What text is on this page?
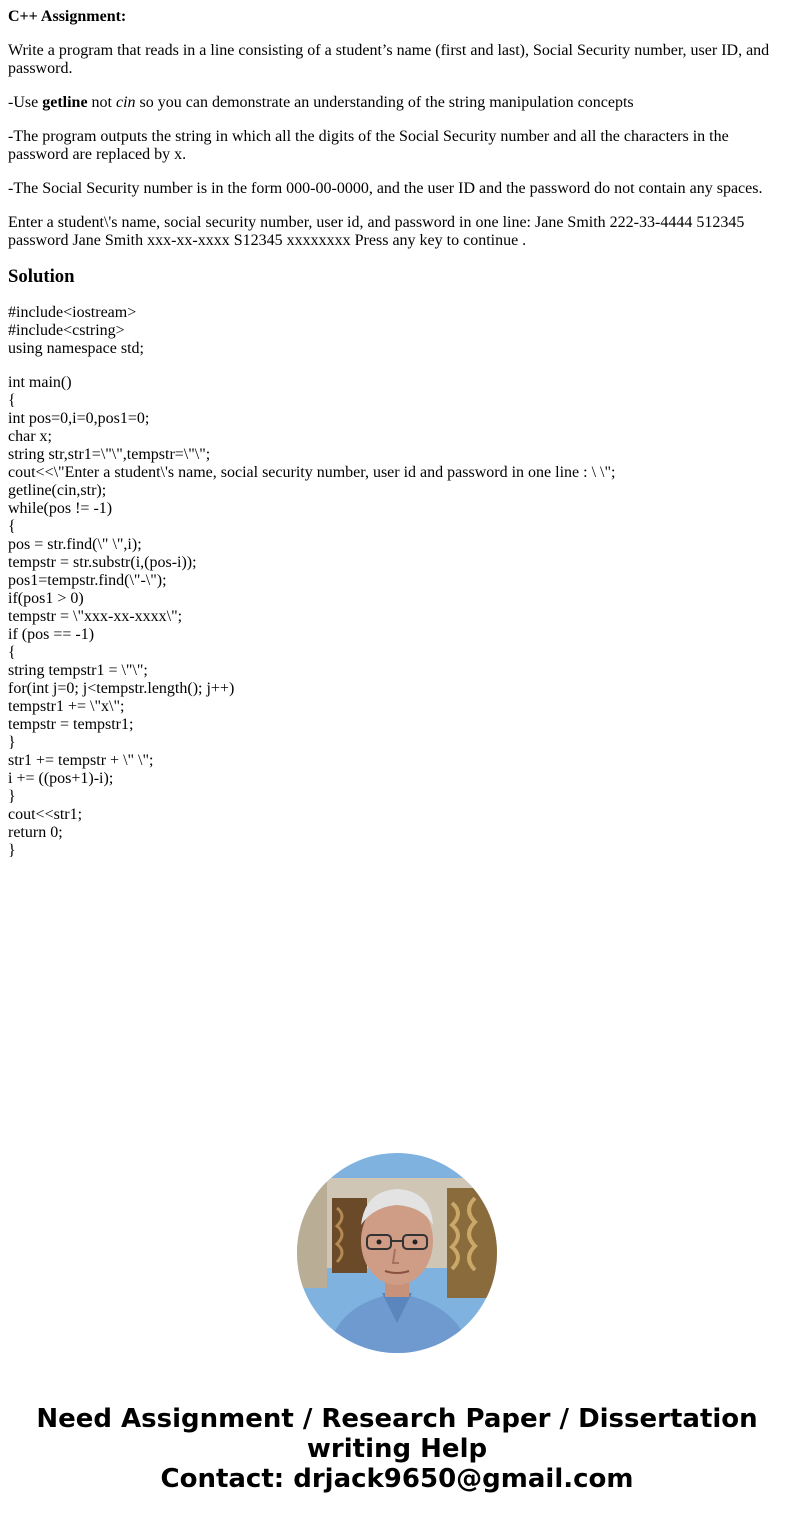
C++ Assignment:

Write a program that reads in a line consisting of a student’s name (first and last), Social Security number, user ID, and password.

-Use getline not cin so you can demonstrate an understanding of the string manipulation concepts

-The program outputs the string in which all the digits of the Social Security number and all the characters in the password are replaced by x.

-The Social Security number is in the form 000-00-0000, and the user ID and the password do not contain any spaces.

Enter a student\'s name, social security number, user id, and password in one line: Jane Smith 222-33-4444 512345 password Jane Smith xxx-xx-xxxx S12345 xxxxxxxx Press any key to continue .

Solution
#include<iostream>
#include<cstring>
using namespace std;
int main()
{
int pos=0,i=0,pos1=0;
char x;
string str,str1=\"\",tempstr=\"\";
cout<<\"Enter a student\'s name, social security number, user id and password in one line : \ \";
getline(cin,str);
while(pos != -1)
{
pos = str.find(\" \",i);
tempstr = str.substr(i,(pos-i));
pos1=tempstr.find(\"-\");
if(pos1 > 0)
tempstr = \"xxx-xx-xxxx\";
if (pos == -1)
{
string tempstr1 = \"\";
for(int j=0; j<tempstr.length(); j++)
tempstr1 += \"x\";
tempstr = tempstr1;
}
str1 += tempstr + \" \";
i += ((pos+1)-i);
}
cout<<str1;
return 0;
}
Need Assignment / Research Paper / Dissertation
writing Help
Contact: drjack9650@gmail.com
